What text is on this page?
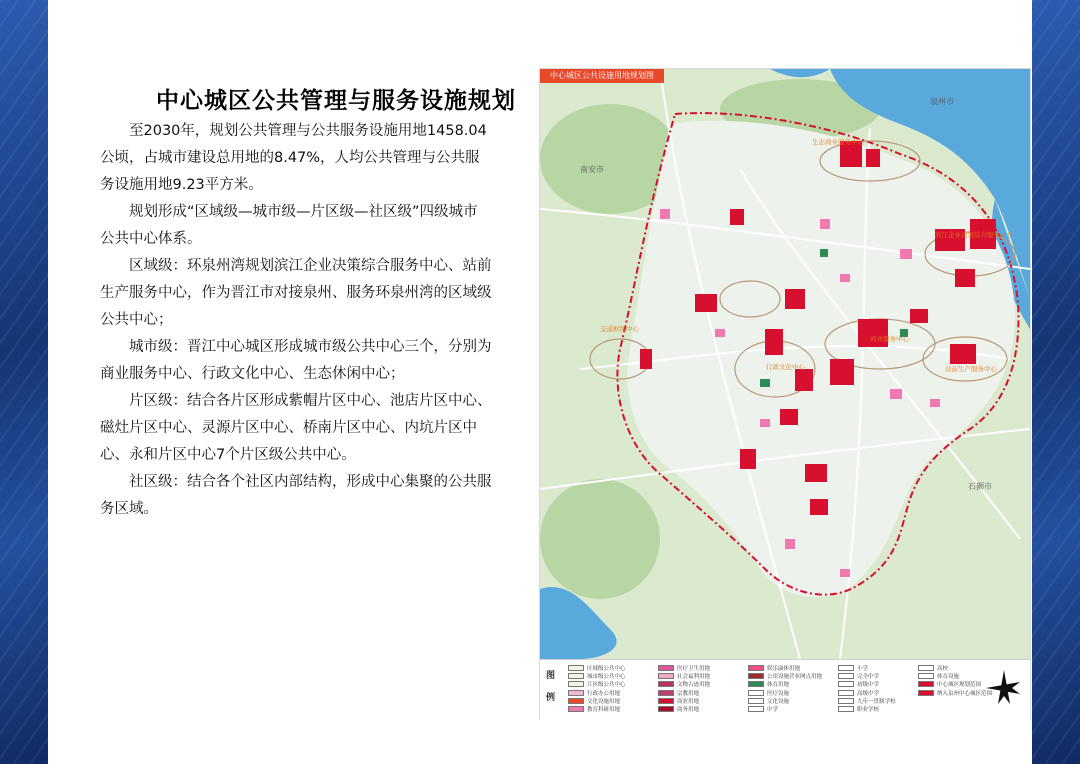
中心城区公共管理与服务设施规划

至2030年，规划公共管理与公共服务设施用地1458.04公顷，占城市建设总用地的8.47%，人均公共管理与公共服务设施用地9.23平方米。

规划形成“区域级—城市级—片区级—社区级”四级城市公共中心体系。

区域级：环泉州湾规划滨江企业决策综合服务中心、站前生产服务中心，作为晋江市对接泉州、服务环泉州湾的区域级公共中心；

城市级：晋江中心城区形成城市级公共中心三个，分别为商业服务中心、行政文化中心、生态休闲中心；

片区级：结合各片区形成紫帽片区中心、池店片区中心、磁灶片区中心、灵源片区中心、桥南片区中心、内坑片区中心、永和片区中心7个片区级公共中心。

社区级：结合各个社区内部结构，形成中心集聚的公共服务区域。

南安市
泉州市
石狮市
生态商业服务中心
滨江企业决策综合服务中心
商业服务中心
行政文化中心	站前生产服务中心
交通枢纽中心
中心城区公共设施用地规划图
图
例
区域级公共中心
城市级公共中心
片区级公共中心
行政办公用地
文化设施用地
教育科研用地
医疗卫生用地
社会福利用地
文物古迹用地
宗教用地
商业用地
商务用地
娱乐康体用地
公用设施营业网点用地
体育用地
医疗设施
文化设施
中学
小学
完全中学
初级中学
高级中学
九年一贯制学校
职业学校
高校
体育设施
中心城区规划范围
纳入泉州中心城区范围
